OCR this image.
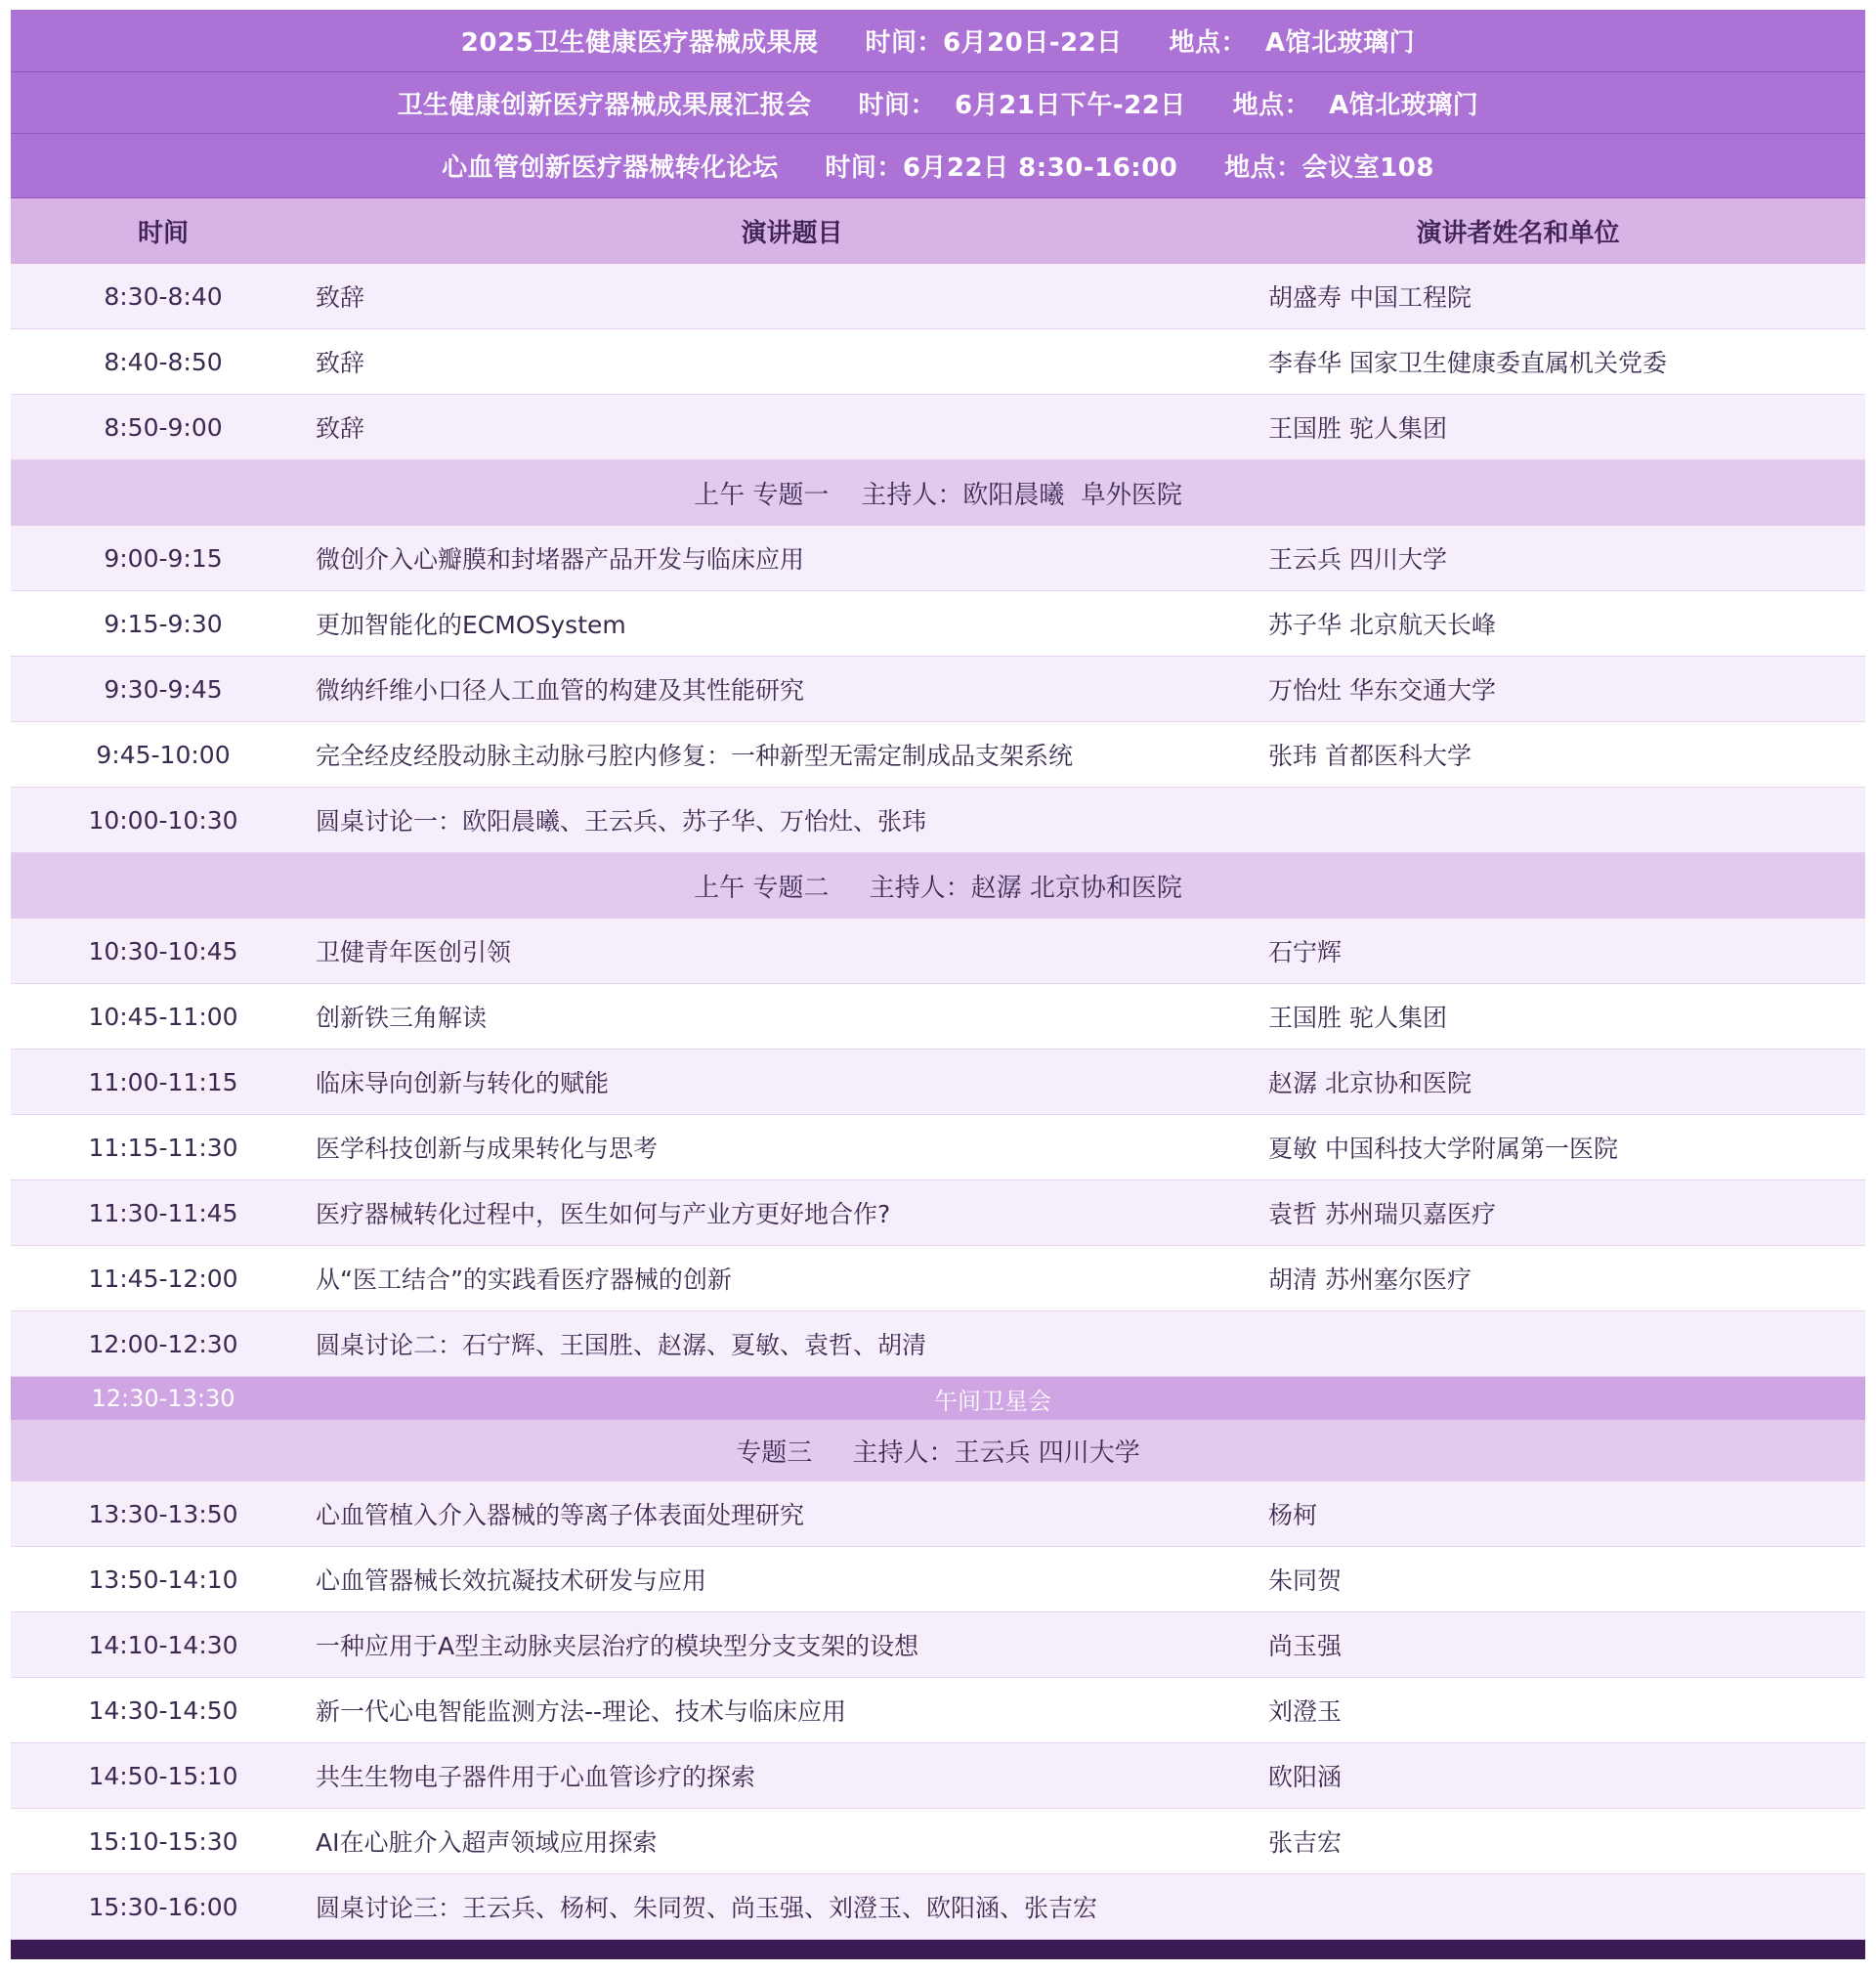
2025卫生健康医疗器械成果展
时间：6月20日-22日
地点：  A馆北玻璃门
卫生健康创新医疗器械成果展汇报会
时间：  6月21日下午-22日
地点：  A馆北玻璃门
心血管创新医疗器械转化论坛
时间：6月22日 8:30-16:00
地点：会议室108
时间	演讲题目	演讲者姓名和单位
8:30-8:40	致辞	胡盛寿 中国工程院
8:40-8:50	致辞	李春华 国家卫生健康委直属机关党委
8:50-9:00	致辞	王国胜 驼人集团
上午 专题一    主持人：欧阳晨曦  阜外医院
9:00-9:15	微创介入心瓣膜和封堵器产品开发与临床应用	王云兵 四川大学
9:15-9:30	更加智能化的ECMOSystem	苏子华 北京航天长峰
9:30-9:45	微纳纤维小口径人工血管的构建及其性能研究	万怡灶 华东交通大学
9:45-10:00	完全经皮经股动脉主动脉弓腔内修复：一种新型无需定制成品支架系统	张玮 首都医科大学
10:00-10:30	圆桌讨论一：欧阳晨曦、王云兵、苏子华、万怡灶、张玮
上午 专题二     主持人：赵潺 北京协和医院
10:30-10:45	卫健青年医创引领	石宁辉
10:45-11:00	创新铁三角解读	王国胜 驼人集团
11:00-11:15	临床导向创新与转化的赋能	赵潺 北京协和医院
11:15-11:30	医学科技创新与成果转化与思考	夏敏 中国科技大学附属第一医院
11:30-11:45	医疗器械转化过程中，医生如何与产业方更好地合作?	袁哲 苏州瑞贝嘉医疗
11:45-12:00	从“医工结合”的实践看医疗器械的创新	胡清 苏州塞尔医疗
12:00-12:30	圆桌讨论二：石宁辉、王国胜、赵潺、夏敏、袁哲、胡清
12:30-13:30	午间卫星会
专题三     主持人：王云兵 四川大学
13:30-13:50	心血管植入介入器械的等离子体表面处理研究	杨柯
13:50-14:10	心血管器械长效抗凝技术研发与应用	朱同贺
14:10-14:30	一种应用于A型主动脉夹层治疗的模块型分支支架的设想	尚玉强
14:30-14:50	新一代心电智能监测方法--理论、技术与临床应用	刘澄玉
14:50-15:10	共生生物电子器件用于心血管诊疗的探索	欧阳涵
15:10-15:30	AI在心脏介入超声领域应用探索	张吉宏
15:30-16:00	圆桌讨论三：王云兵、杨柯、朱同贺、尚玉强、刘澄玉、欧阳涵、张吉宏
